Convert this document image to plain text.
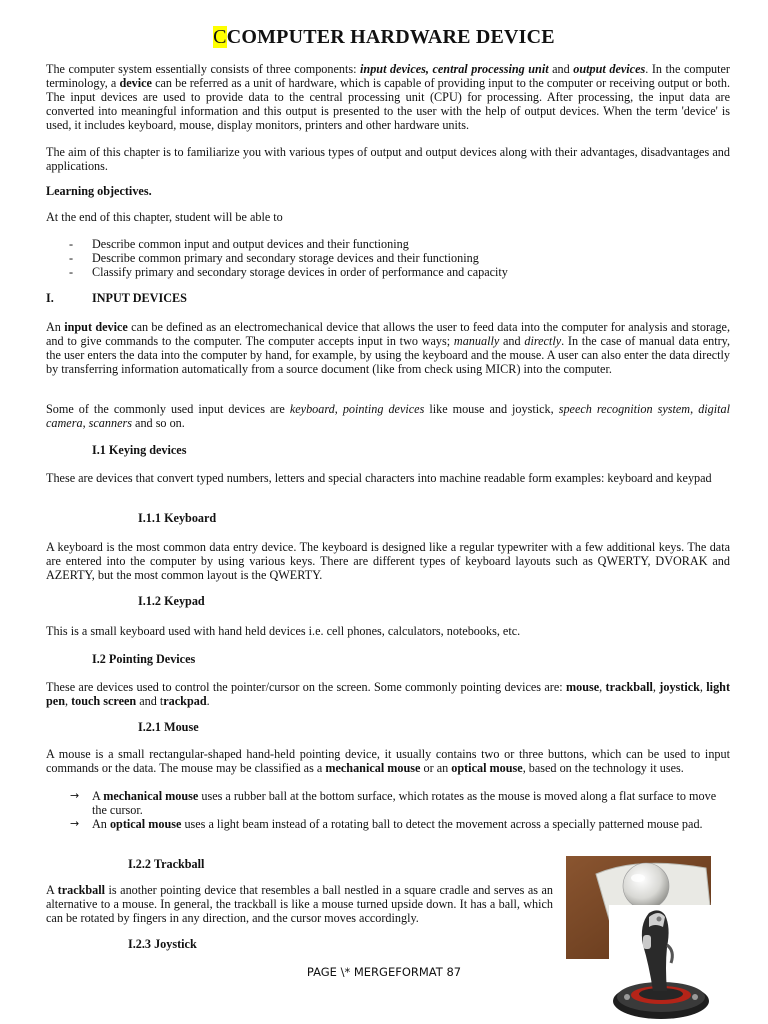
CCOMPUTER HARDWARE DEVICE

The computer system essentially consists of three components: input devices, central processing unit and output devices. In the computer terminology, a device can be referred as a unit of hardware, which is capable of providing input to the computer or receiving output or both. The input devices are used to provide data to the central processing unit (CPU) for processing. After processing, the input data are converted into meaningful information and this output is presented to the user with the help of output devices. When the term 'device' is used, it includes keyboard, mouse, display monitors, printers and other hardware units.

The aim of this chapter is to familiarize you with various types of output and output devices along with their advantages, disadvantages and applications.

Learning objectives.

At the end of this chapter, student will be able to

- Describe common input and output devices and their functioning
- Describe common primary and secondary storage devices and their functioning
- Classify primary and secondary storage devices in order of performance and capacity
I.	INPUT DEVICES

An input device can be defined as an electromechanical device that allows the user to feed data into the computer for analysis and storage, and to give commands to the computer. The computer accepts input in two ways; manually and directly. In the case of manual data entry, the user enters the data into the computer by hand, for example, by using the keyboard and the mouse. A user can also enter the data directly by transferring information automatically from a source document (like from check using MICR) into the computer.

Some of the commonly used input devices are keyboard, pointing devices like mouse and joystick, speech recognition system, digital camera, scanners and so on.

I.1 Keying devices

These are devices that convert typed numbers, letters and special characters into machine readable form examples: keyboard and keypad

I.1.1 Keyboard

A keyboard is the most common data entry device. The keyboard is designed like a regular typewriter with a few additional keys. The data are entered into the computer by using various keys. There are different types of keyboard layouts such as QWERTY, DVORAK and AZERTY, but the most common layout is the QWERTY.

I.1.2 Keypad

This is a small keyboard used with hand held devices i.e. cell phones, calculators, notebooks, etc.

I.2 Pointing Devices

These are devices used to control the pointer/cursor on the screen. Some commonly pointing devices are: mouse, trackball, joystick, light pen, touch screen and trackpad.

I.2.1 Mouse

A mouse is a small rectangular-shaped hand-held pointing device, it usually contains two or three buttons, which can be used to input commands or the data. The mouse may be classified as a mechanical mouse or an optical mouse, based on the technology it uses.

→ A mechanical mouse uses a rubber ball at the bottom surface, which rotates as the mouse is moved along a flat surface to move the cursor.
→ An optical mouse uses a light beam instead of a rotating ball to detect the movement across a specially patterned mouse pad.

I.2.2 Trackball

A trackball is another pointing device that resembles a ball nestled in a square cradle and serves as an alternative to a mouse. In general, the trackball is like a mouse turned upside down. It has a ball, which can be rotated by fingers in any direction, and the cursor moves accordingly.

I.2.3 Joystick

PAGE \* MERGEFORMAT 87
